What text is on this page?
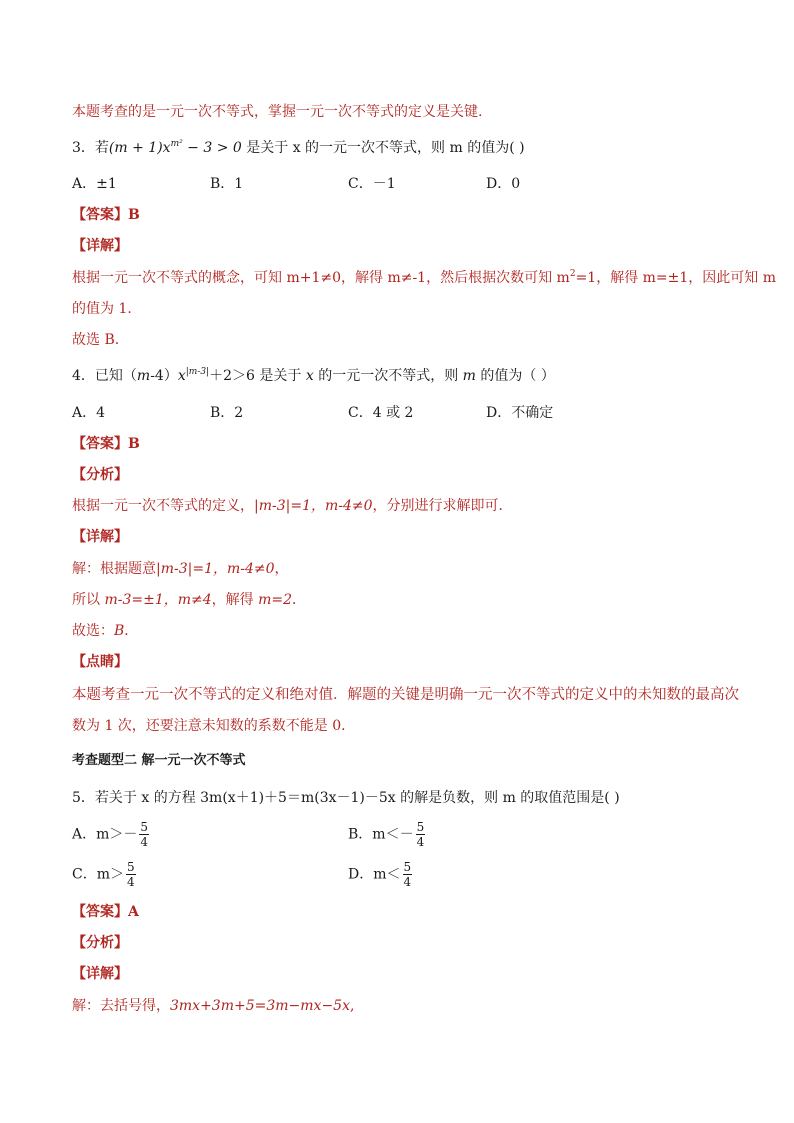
本题考查的是一元一次不等式，掌握一元一次不等式的定义是关键.
3．若$(m + 1)x^{m^2} - 3 > 0$ 是关于 x 的一元一次不等式，则 m 的值为( )
A．±1	B．1	C．－1	D．0
【答案】B
【详解】
根据一元一次不等式的概念，可知 m+1≠0，解得 m≠-1，然后根据次数可知 $m^2=1$，解得 m=±1，因此可知 m
的值为 1.
故选 B.
4．已知$(m-4)x^{|m-3|}+2>6$ 是关于 x 的一元一次不等式，则 m 的值为（ ）
A．4	B．2	C．4 或 2	D．不确定
【答案】B
【分析】
根据一元一次不等式的定义，|m-3|=1，m-4≠0，分别进行求解即可．
【详解】
解：根据题意|m-3|=1，m-4≠0，
所以 m-3=±1，m≠4，解得 m=2．
故选：B．
【点睛】
本题考查一元一次不等式的定义和绝对值．解题的关键是明确一元一次不等式的定义中的未知数的最高次
数为 1 次，还要注意未知数的系数不能是 0．
考查题型二 解一元一次不等式
5．若关于 x 的方程 3m(x＋1)＋5＝m(3x－1)－5x 的解是负数，则 m 的取值范围是( )
A．$m>- \frac{5}{4}$	B．$m<- \frac{5}{4}$
C．$m> \frac{5}{4}$	D．$m< \frac{5}{4}$
【答案】A
【分析】
【详解】
解：去括号得，3mx+3m+5=3m−mx−5x,
